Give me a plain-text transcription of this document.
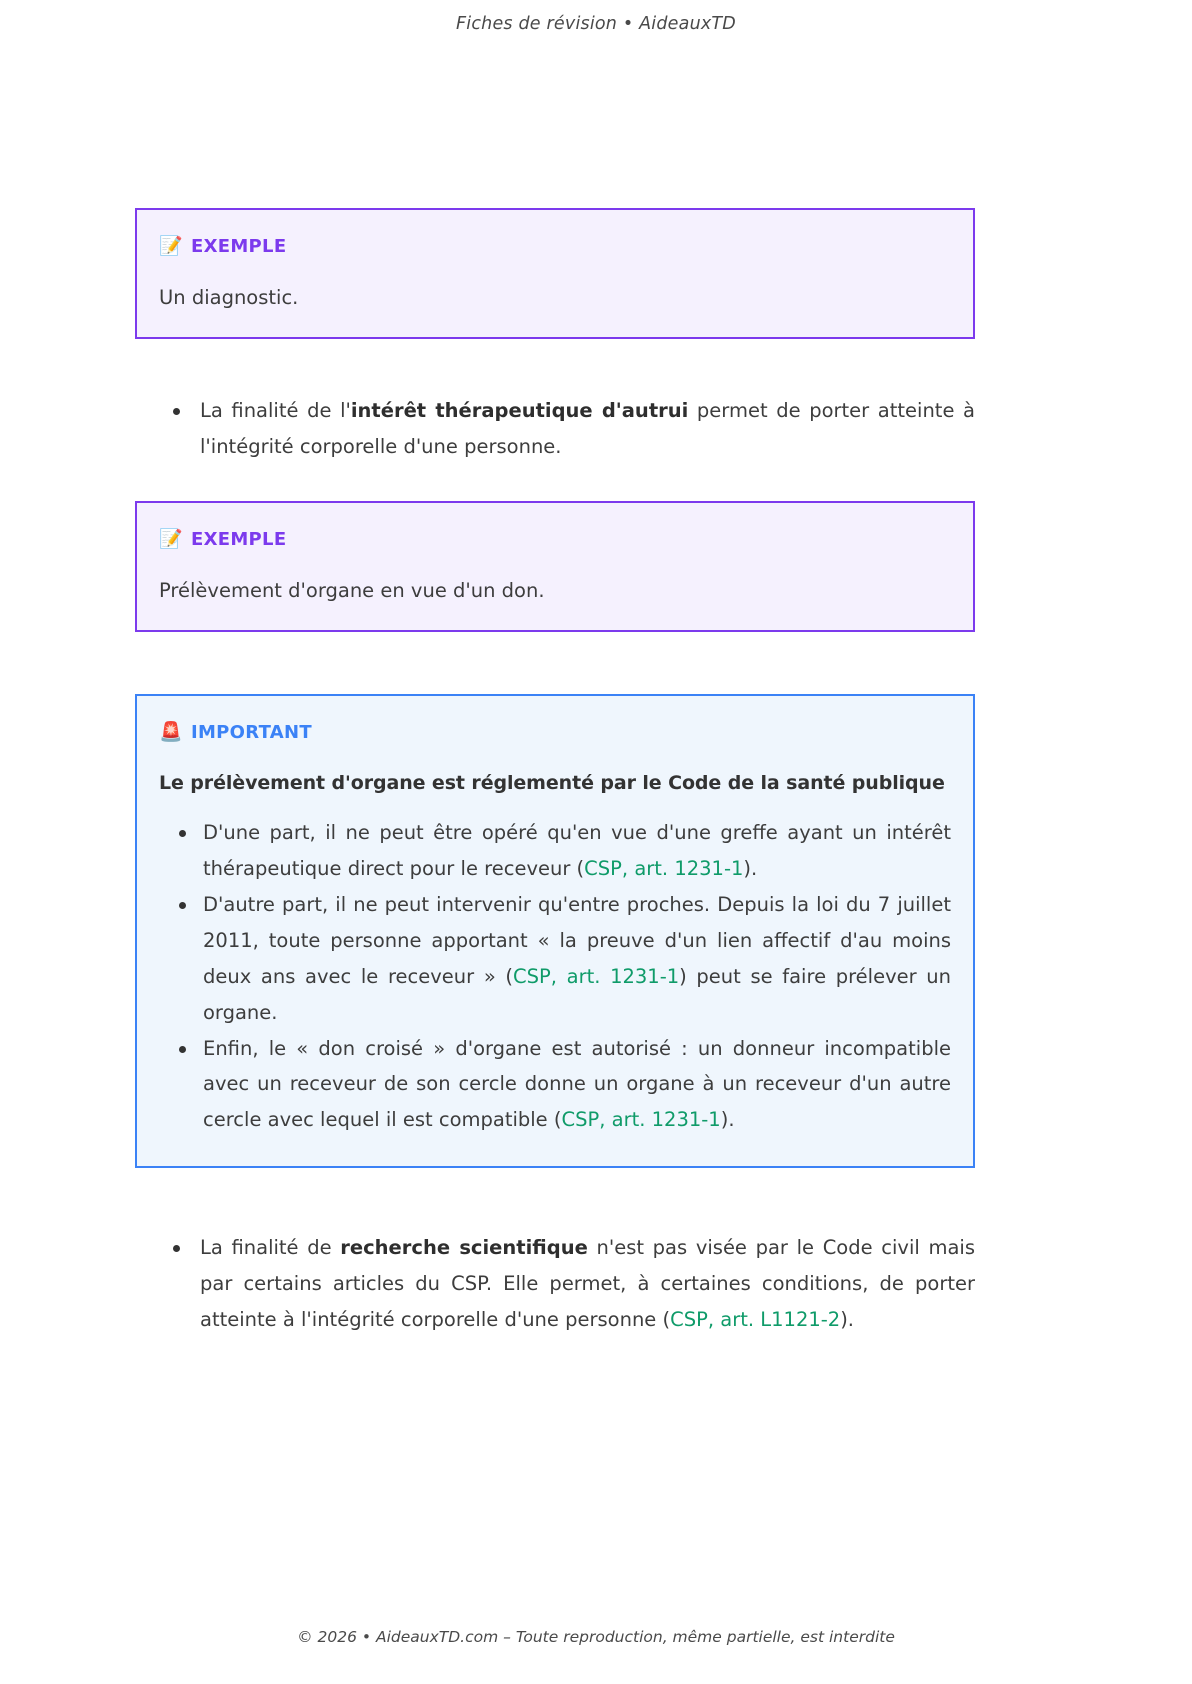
Fiches de révision • AideauxTD
📝 EXEMPLE
Un diagnostic.
La finalité de l'intérêt thérapeutique d'autrui permet de porter atteinte à l'intégrité corporelle d'une personne.
📝 EXEMPLE
Prélèvement d'organe en vue d'un don.
🚨 IMPORTANT
Le prélèvement d'organe est réglementé par le Code de la santé publique
D'une part, il ne peut être opéré qu'en vue d'une greffe ayant un intérêt thérapeutique direct pour le receveur (CSP, art. 1231-1).
D'autre part, il ne peut intervenir qu'entre proches. Depuis la loi du 7 juillet 2011, toute personne apportant « la preuve d'un lien affectif d'au moins deux ans avec le receveur » (CSP, art. 1231-1) peut se faire prélever un organe.
Enfin, le « don croisé » d'organe est autorisé : un donneur incompatible avec un receveur de son cercle donne un organe à un receveur d'un autre cercle avec lequel il est compatible (CSP, art. 1231-1).
La finalité de recherche scientifique n'est pas visée par le Code civil mais par certains articles du CSP. Elle permet, à certaines conditions, de porter atteinte à l'intégrité corporelle d'une personne (CSP, art. L1121-2).
© 2026 • AideauxTD.com – Toute reproduction, même partielle, est interdite
